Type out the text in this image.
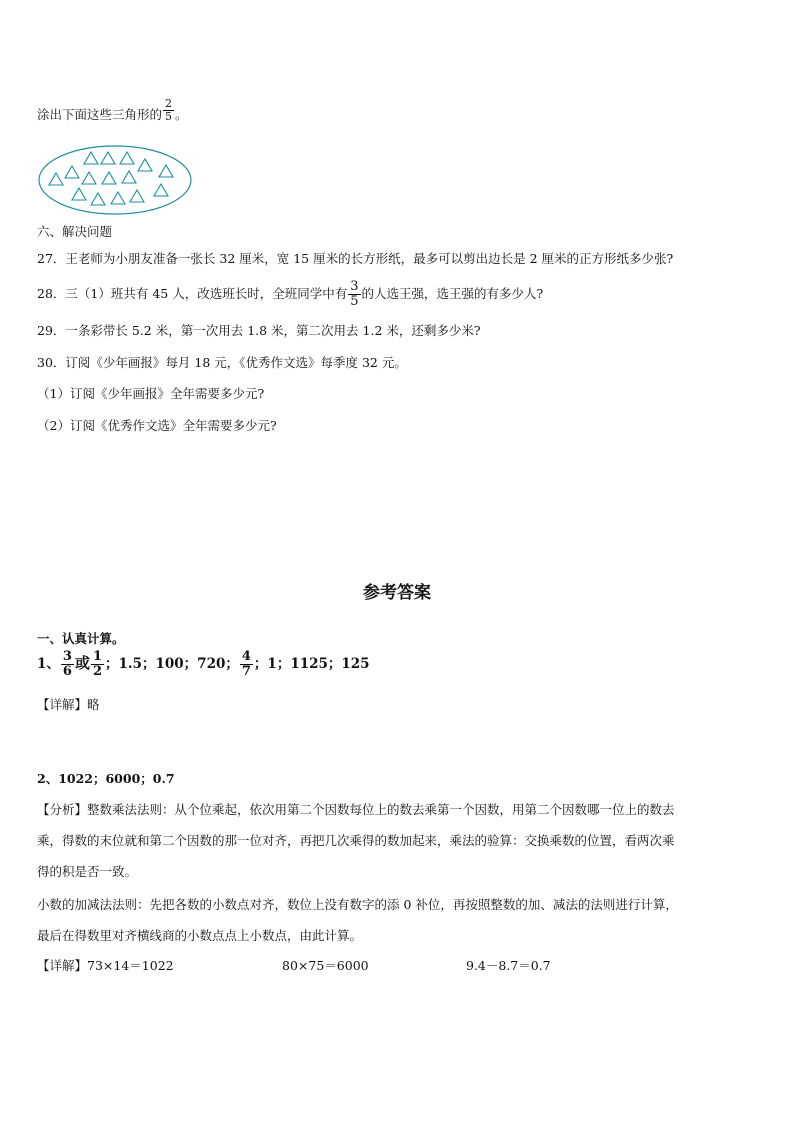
涂出下面这些三角形的 $\frac{2}{5}$ 。
六、解决问题
27．王老师为小朋友准备一张长 32 厘米，宽 15 厘米的长方形纸，最多可以剪出边长是 2 厘米的正方形纸多少张?
28．三（1）班共有 45 人，改选班长时，全班同学中有 $\frac{3}{5}$ 的人选王强，选王强的有多少人?
29．一条彩带长 5.2 米，第一次用去 1.8 米，第二次用去 1.2 米，还剩多少米?
30．订阅《少年画报》每月 18 元，《优秀作文选》每季度 32 元。
（1）订阅《少年画报》全年需要多少元?
（2）订阅《优秀作文选》全年需要多少元?
参考答案
一、认真计算。
1、 $\frac{3}{6}$ 或 $\frac{1}{2}$ ；1.5；100；720； $\frac{4}{7}$ ；1；1125；125
【详解】略
2、1022；6000；0.7
【分析】整数乘法法则：从个位乘起，依次用第二个因数每位上的数去乘第一个因数，用第二个因数哪一位上的数去
乘，得数的末位就和第二个因数的那一位对齐，再把几次乘得的数加起来，乘法的验算：交换乘数的位置，看两次乘
得的积是否一致。
小数的加减法法则：先把各数的小数点对齐，数位上没有数字的添 0 补位，再按照整数的加、减法的法则进行计算，
最后在得数里对齐横线商的小数点点上小数点，由此计算。
【详解】73×14＝1022	80×75＝6000	9.4－8.7＝0.7
